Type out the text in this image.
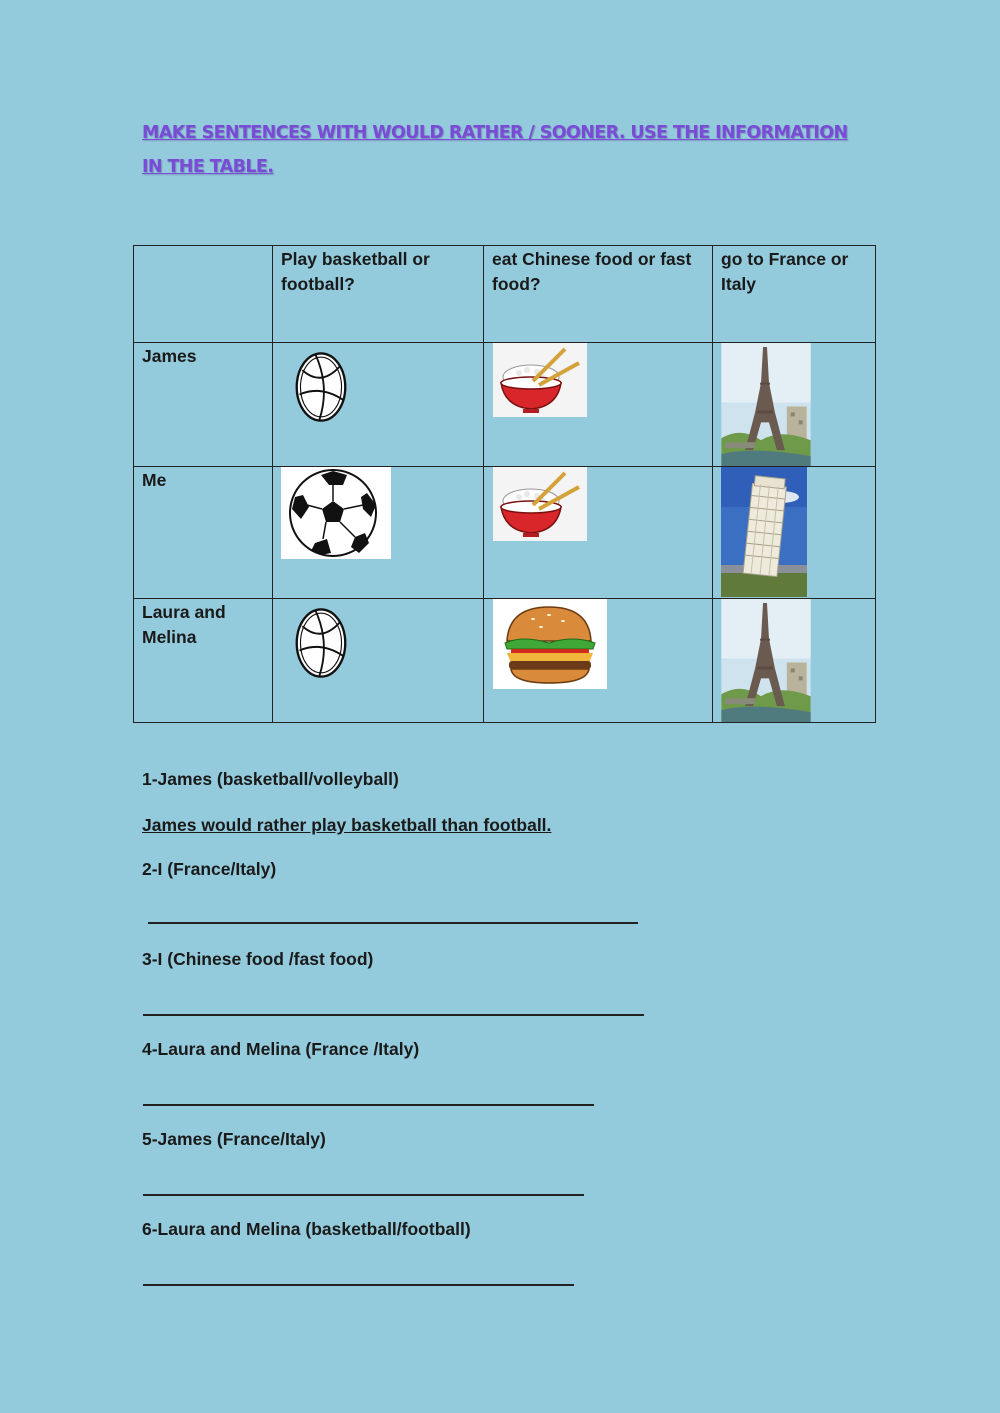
MAKE SENTENCES WITH WOULD RATHER / SOONER. USE THE INFORMATION IN THE TABLE.

	Play basketball or football?	eat Chinese food or fast food?	go to France or Italy

James

Me

Laura and Melina

1-James (basketball/volleyball)
James would rather play basketball than football.
2-I (France/Italy)
3-I (Chinese food /fast food)
4-Laura and Melina (France /Italy)
5-James (France/Italy)
6-Laura and Melina (basketball/football)
